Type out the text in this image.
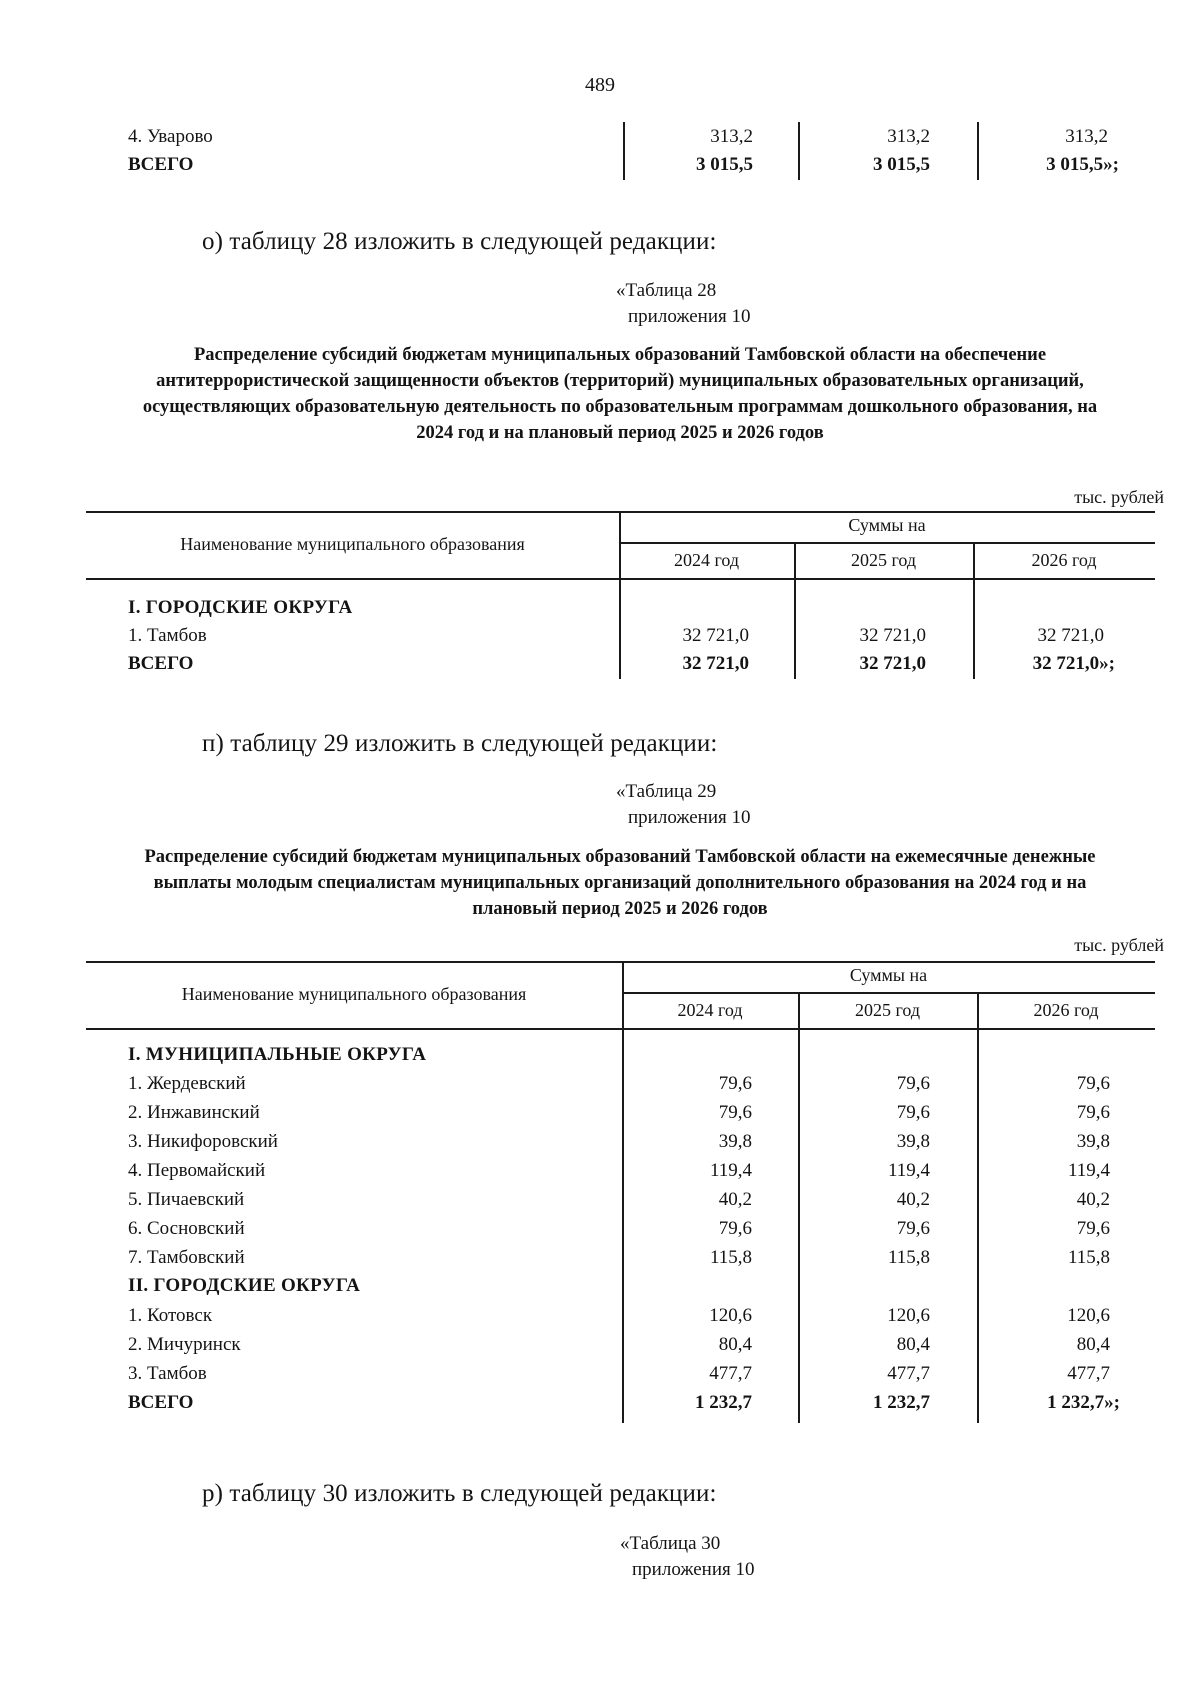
489
4. Уварово	313,2	313,2	313,2
ВСЕГО	3 015,5	3 015,5	3 015,5»;
о) таблицу 28 изложить в следующей редакции:
«Таблица 28
приложения 10
Распределение субсидий бюджетам муниципальных образований Тамбовской области на обеспечение антитеррористической защищенности объектов (территорий) муниципальных образовательных организаций, осуществляющих образовательную деятельность по образовательным программам дошкольного образования, на 2024 год и на плановый период 2025 и 2026 годов
тыс. рублей
Наименование муниципального образования
Суммы на
2024 год	2025 год	2026 год
I. ГОРОДСКИЕ ОКРУГА
1. Тамбов	32 721,0	32 721,0	32 721,0
ВСЕГО	32 721,0	32 721,0	32 721,0»;
п) таблицу 29 изложить в следующей редакции:
«Таблица 29
приложения 10
Распределение субсидий бюджетам муниципальных образований Тамбовской области на ежемесячные денежные выплаты молодым специалистам муниципальных организаций дополнительного образования на 2024 год и на плановый период 2025 и 2026 годов
тыс. рублей
Наименование муниципального образования
Суммы на
2024 год	2025 год	2026 год
I. МУНИЦИПАЛЬНЫЕ ОКРУГА
1. Жердевский	79,6	79,6	79,6
2. Инжавинский	79,6	79,6	79,6
3. Никифоровский	39,8	39,8	39,8
4. Первомайский	119,4	119,4	119,4
5. Пичаевский	40,2	40,2	40,2
6. Сосновский	79,6	79,6	79,6
7. Тамбовский	115,8	115,8	115,8
II. ГОРОДСКИЕ ОКРУГА
1. Котовск	120,6	120,6	120,6
2. Мичуринск	80,4	80,4	80,4
3. Тамбов	477,7	477,7	477,7
ВСЕГО	1 232,7	1 232,7	1 232,7»;
р) таблицу 30 изложить в следующей редакции:
«Таблица 30
приложения 10
